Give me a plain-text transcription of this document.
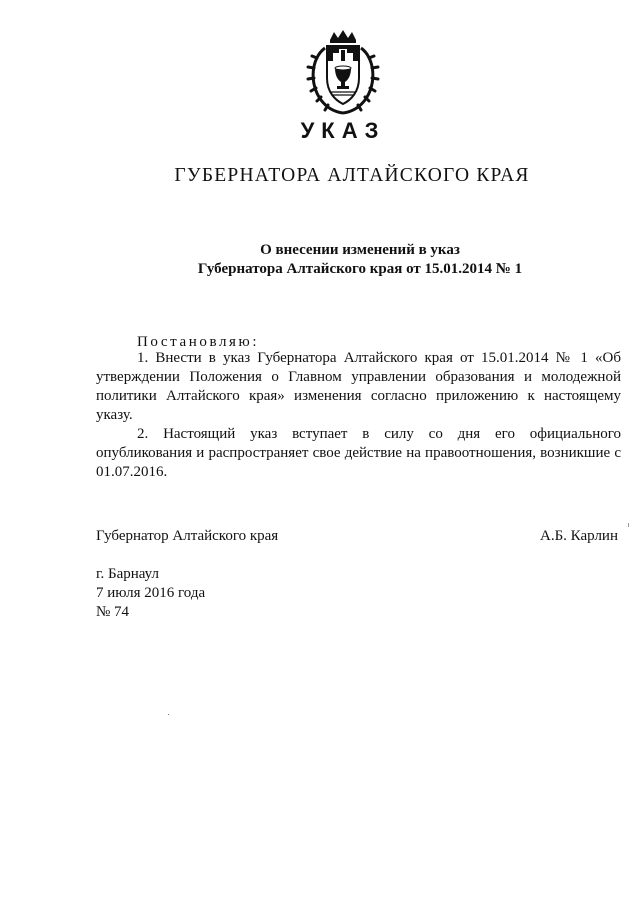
УКАЗ
ГУБЕРНАТОРА АЛТАЙСКОГО КРАЯ
О внесении изменений в указ
Губернатора Алтайского края от 15.01.2014 № 1
Постановляю:

1. Внести в указ Губернатора Алтайского края от 15.01.2014 № 1 «Об утверждении Положения о Главном управлении образования и молодежной политики Алтайского края» изменения согласно приложению к настоящему указу.

2. Настоящий указ вступает в силу со дня его официального опубликования и распространяет свое действие на правоотношения, возникшие с 01.07.2016.

Губернатор Алтайского края	А.Б. Карлин
г. Барнаул
7 июля 2016 года
№ 74
